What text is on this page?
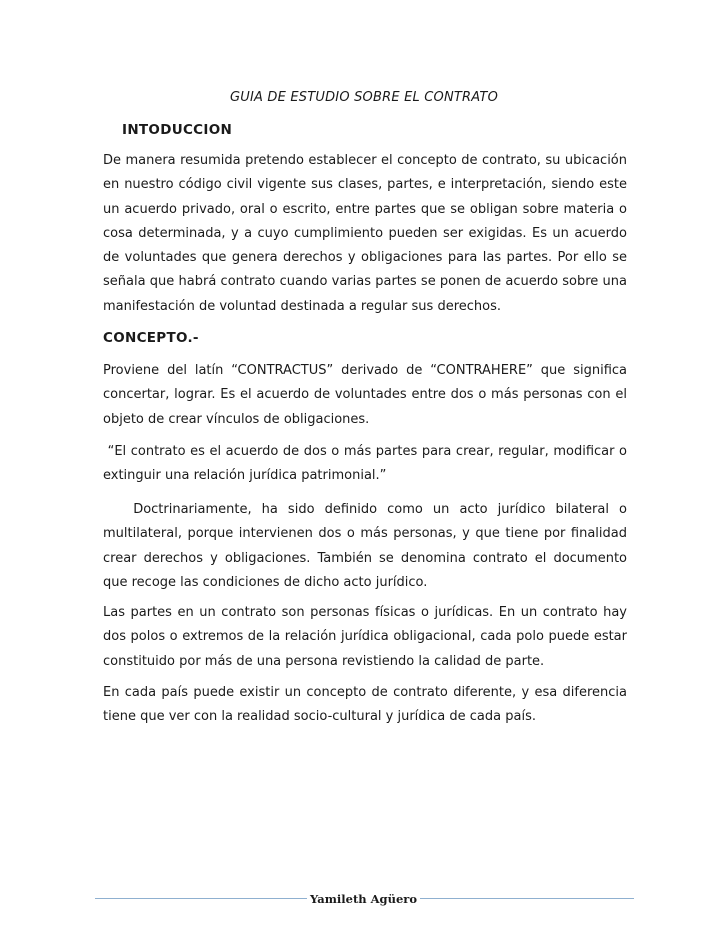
GUIA DE ESTUDIO SOBRE EL CONTRATO
INTODUCCION
De manera resumida pretendo establecer el concepto de contrato, su ubicación en nuestro código civil vigente sus clases, partes, e interpretación, siendo este un acuerdo privado, oral o escrito, entre partes que se obligan sobre materia o cosa determinada, y a cuyo cumplimiento pueden ser exigidas. Es un acuerdo de voluntades que genera derechos y obligaciones para las partes. Por ello se señala que habrá contrato cuando varias partes se ponen de acuerdo sobre una manifestación de voluntad destinada a regular sus derechos.
CONCEPTO.-
Proviene del latín “CONTRACTUS” derivado de “CONTRAHERE” que significa concertar, lograr. Es el acuerdo de voluntades entre dos o más personas con el objeto de crear vínculos de obligaciones.
“El contrato es el acuerdo de dos o más partes para crear, regular, modificar o extinguir una relación jurídica patrimonial.”
Doctrinariamente, ha sido definido como un acto jurídico bilateral o multilateral, porque intervienen dos o más personas, y que tiene por finalidad crear derechos y obligaciones. También se denomina contrato el documento que recoge las condiciones de dicho acto jurídico.
Las partes en un contrato son personas físicas o jurídicas. En un contrato hay dos polos o extremos de la relación jurídica obligacional, cada polo puede estar constituido por más de una persona revistiendo la calidad de parte.
En cada país puede existir un concepto de contrato diferente, y esa diferencia tiene que ver con la realidad socio-cultural y jurídica de cada país.
Yamileth Agüero
